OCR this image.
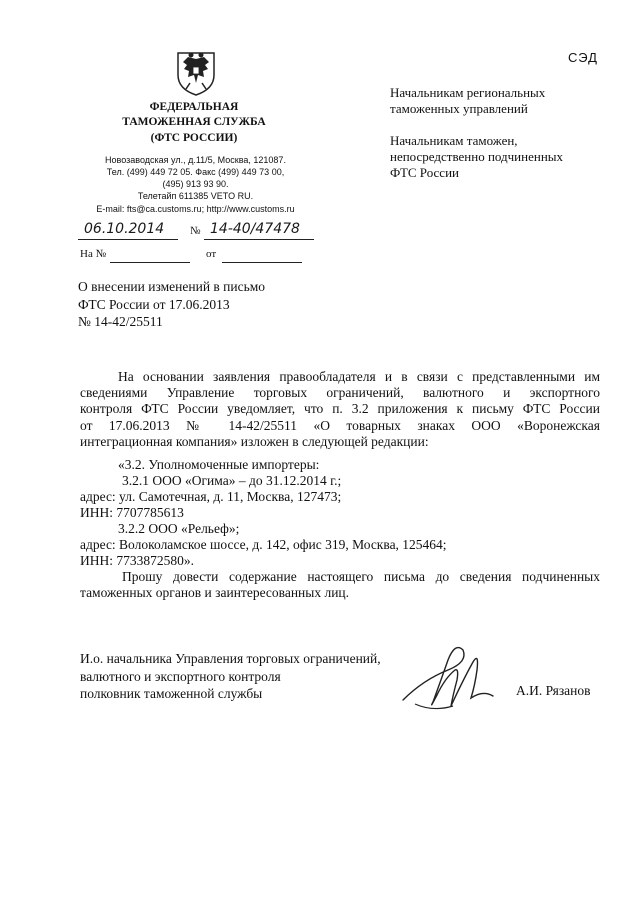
СЭД
ФЕДЕРАЛЬНАЯ
ТАМОЖЕННАЯ СЛУЖБА
(ФТС РОССИИ)
Новозаводская ул., д.11/5, Москва, 121087.
Тел. (499) 449 72 05. Факс (499) 449 73 00,
(495) 913 93 90.
Телетайп 611385 VETO RU.
E-mail: fts@ca.customs.ru; http://www.customs.ru
Начальникам региональных
таможенных управлений
Начальникам таможен,
непосредственно подчиненных
ФТС России
06.10.2014 № 14-40/47478
На №	от
О внесении изменений в письмо
ФТС России от 17.06.2013
№ 14-42/25511
На основании заявления правообладателя и в связи с представленными им
сведениями Управление торговых ограничений, валютного и экспортного
контроля ФТС России уведомляет, что п. 3.2 приложения к письму ФТС России
от 17.06.2013 № 14-42/25511 «О товарных знаках ООО «Воронежская
интеграционная компания» изложен в следующей редакции:
«3.2. Уполномоченные импортеры:
3.2.1 ООО «Огима» – до 31.12.2014 г.;
адрес: ул. Самотечная, д. 11, Москва, 127473;
ИНН: 7707785613
3.2.2 ООО «Рельеф»;
адрес: Волоколамское шоссе, д. 142, офис 319, Москва, 125464;
ИНН: 7733872580».
Прошу довести содержание настоящего письма до сведения подчиненных
таможенных органов и заинтересованных лиц.
И.о. начальника Управления торговых ограничений,
валютного и экспортного контроля
полковник таможенной службы	А.И. Рязанов
